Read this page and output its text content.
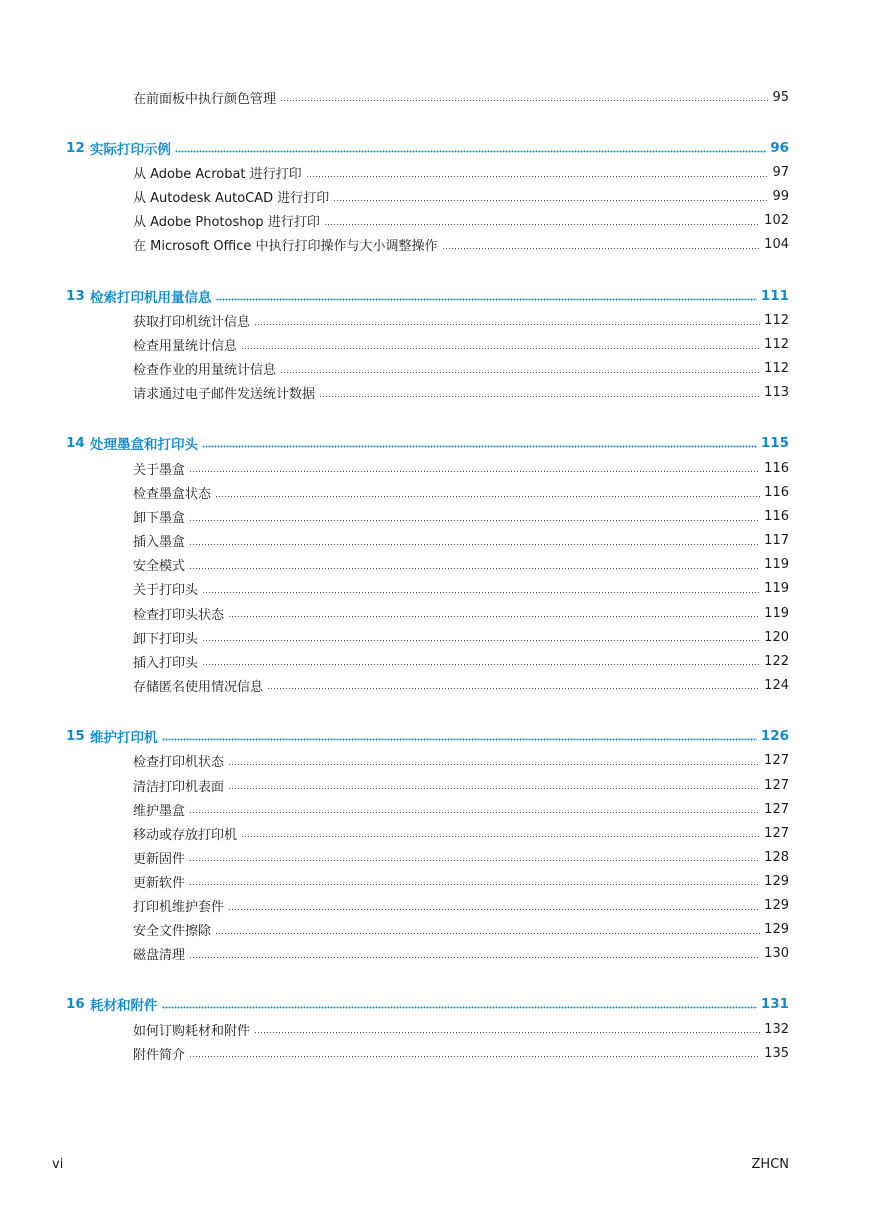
在前面板中执行颜色管理	95
12 实际打印示例	96
从 Adobe Acrobat 进行打印	97
从 Autodesk AutoCAD 进行打印	99
从 Adobe Photoshop 进行打印	102
在 Microsoft Office 中执行打印操作与大小调整操作	104
13 检索打印机用量信息	111
获取打印机统计信息	112
检查用量统计信息	112
检查作业的用量统计信息	112
请求通过电子邮件发送统计数据	113
14 处理墨盒和打印头	115
关于墨盒	116
检查墨盒状态	116
卸下墨盒	116
插入墨盒	117
安全模式	119
关于打印头	119
检查打印头状态	119
卸下打印头	120
插入打印头	122
存储匿名使用情况信息	124
15 维护打印机	126
检查打印机状态	127
清洁打印机表面	127
维护墨盒	127
移动或存放打印机	127
更新固件	128
更新软件	129
打印机维护套件	129
安全文件擦除	129
磁盘清理	130
16 耗材和附件	131
如何订购耗材和附件	132
附件简介	135
vi	ZHCN
